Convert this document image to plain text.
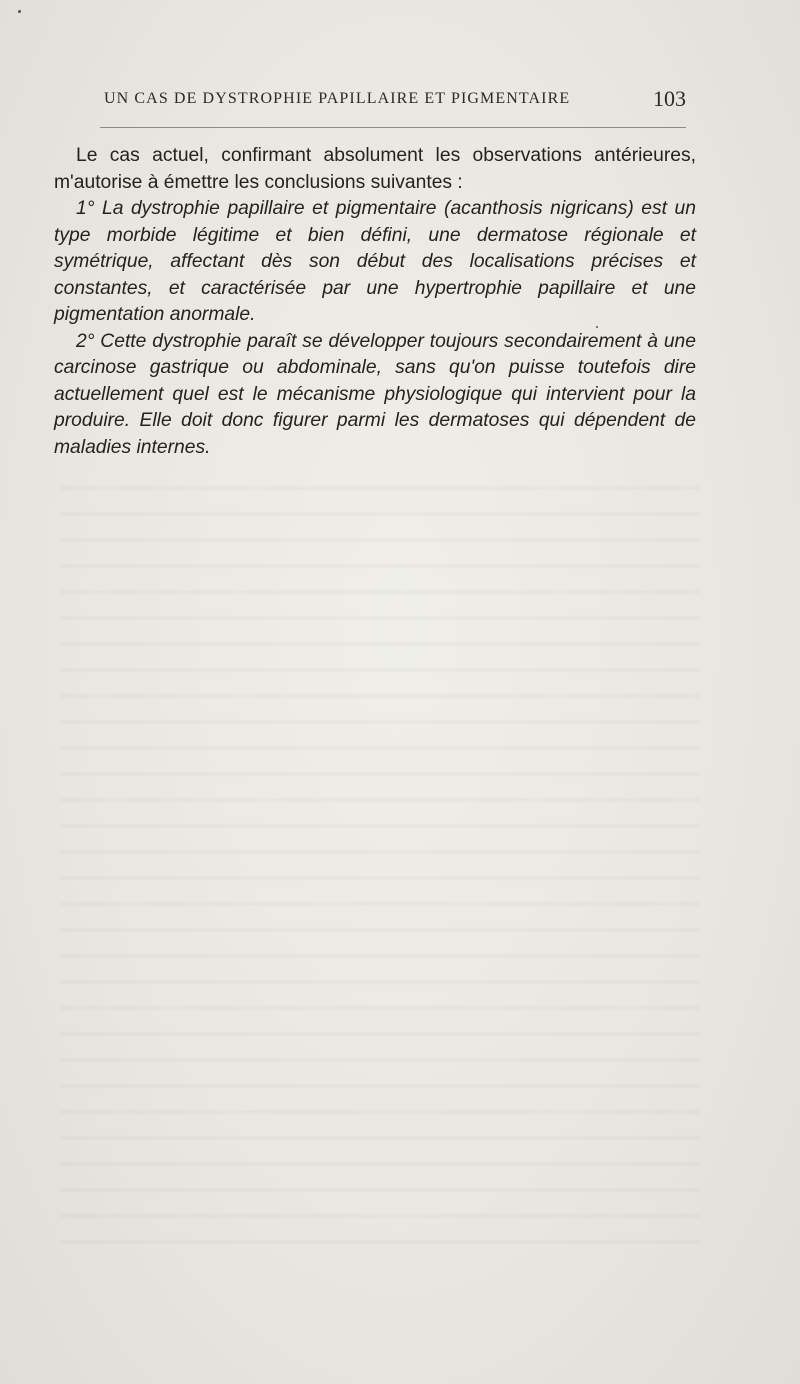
UN CAS DE DYSTROPHIE PAPILLAIRE ET PIGMENTAIRE	103

Le cas actuel, confirmant absolument les observations antérieures, m'autorise à émettre les conclusions suivantes :

1° La dystrophie papillaire et pigmentaire (acanthosis nigricans) est un type morbide légitime et bien défini, une dermatose régionale et symétrique, affectant dès son début des localisations précises et constantes, et caractérisée par une hypertrophie papillaire et une pigmentation anormale.

2° Cette dystrophie paraît se développer toujours secondairement à une carcinose gastrique ou abdominale, sans qu'on puisse toutefois dire actuellement quel est le mécanisme physiologique qui intervient pour la produire. Elle doit donc figurer parmi les dermatoses qui dépendent de maladies internes.
